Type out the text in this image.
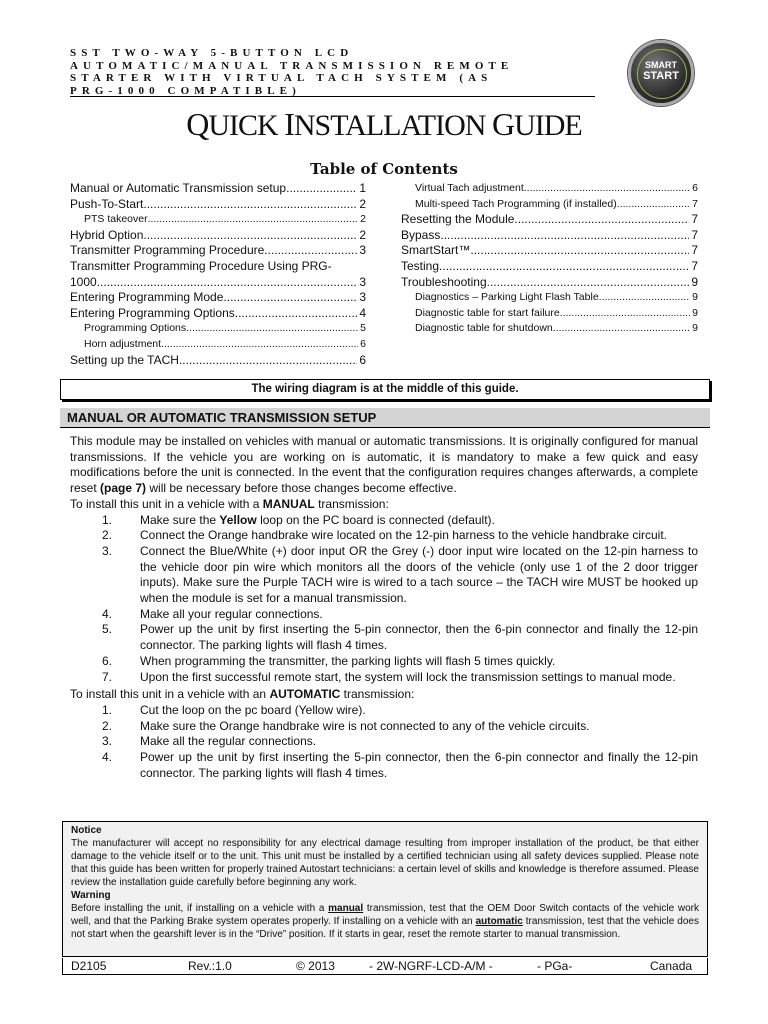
SST TWO-WAY 5-BUTTON LCD
AUTOMATIC/MANUAL TRANSMISSION REMOTE
STARTER WITH VIRTUAL TACH SYSTEM (AS
PRG-1000 COMPATIBLE)
SMART
START
QUICK INSTALLATION GUIDE
Table of Contents
Manual or Automatic Transmission setup .....	1
Push-To-Start .....	2
PTS takeover .....	2
Hybrid Option .....	2
Transmitter Programming Procedure .....	3
Transmitter Programming Procedure Using PRG-
1000 .....	3
Entering Programming Mode .....	3
Entering Programming Options .....	4
Programming Options .....	5
Horn adjustment .....	6
Setting up the TACH .....	6
Virtual Tach adjustment .....	6
Multi-speed Tach Programming (if installed) .....	7
Resetting the Module .....	7
Bypass .....	7
SmartStart™ .....	7
Testing .....	7
Troubleshooting .....	9
Diagnostics – Parking Light Flash Table .....	9
Diagnostic table for start failure .....	9
Diagnostic table for shutdown. .....	9
The wiring diagram is at the middle of this guide.
MANUAL OR AUTOMATIC TRANSMISSION SETUP

This module may be installed on vehicles with manual or automatic transmissions. It is originally configured for manual transmissions. If the vehicle you are working on is automatic, it is mandatory to make a few quick and easy modifications before the unit is connected. In the event that the configuration requires changes afterwards, a complete reset (page 7) will be necessary before those changes become effective.

To install this unit in a vehicle with a MANUAL transmission:

1.	Make sure the Yellow loop on the PC board is connected (default).
2.	Connect the Orange handbrake wire located on the 12-pin harness to the vehicle handbrake circuit.
3.	Connect the Blue/White (+) door input OR the Grey (-) door input wire located on the 12-pin harness to the vehicle door pin wire which monitors all the doors of the vehicle (only use 1 of the 2 door trigger inputs). Make sure the Purple TACH wire is wired to a tach source – the TACH wire MUST be hooked up when the module is set for a manual transmission.
4.	Make all your regular connections.
5.	Power up the unit by first inserting the 5-pin connector, then the 6-pin connector and finally the 12-pin connector. The parking lights will flash 4 times.
6.	When programming the transmitter, the parking lights will flash 5 times quickly.
7.	Upon the first successful remote start, the system will lock the transmission settings to manual mode.

To install this unit in a vehicle with an AUTOMATIC transmission:

1.	Cut the loop on the pc board (Yellow wire).
2.	Make sure the Orange handbrake wire is not connected to any of the vehicle circuits.
3.	Make all the regular connections.
4.	Power up the unit by first inserting the 5-pin connector, then the 6-pin connector and finally the 12-pin connector. The parking lights will flash 4 times.
Notice
The manufacturer will accept no responsibility for any electrical damage resulting from improper installation of the product, be that either damage to the vehicle itself or to the unit. This unit must be installed by a certified technician using all safety devices supplied. Please note that this guide has been written for properly trained Autostart technicians: a certain level of skills and knowledge is therefore assumed. Please review the installation guide carefully before beginning any work.
Warning
Before installing the unit, if installing on a vehicle with a manual transmission, test that the OEM Door Switch contacts of the vehicle work well, and that the Parking Brake system operates properly. If installing on a vehicle with an automatic transmission, test that the vehicle does not start when the gearshift lever is in the “Drive” position. If it starts in gear, reset the remote starter to manual transmission.
D2105	Rev.:1.0	© 2013	- 2W-NGRF-LCD-A/M -	- PGa-	Canada
